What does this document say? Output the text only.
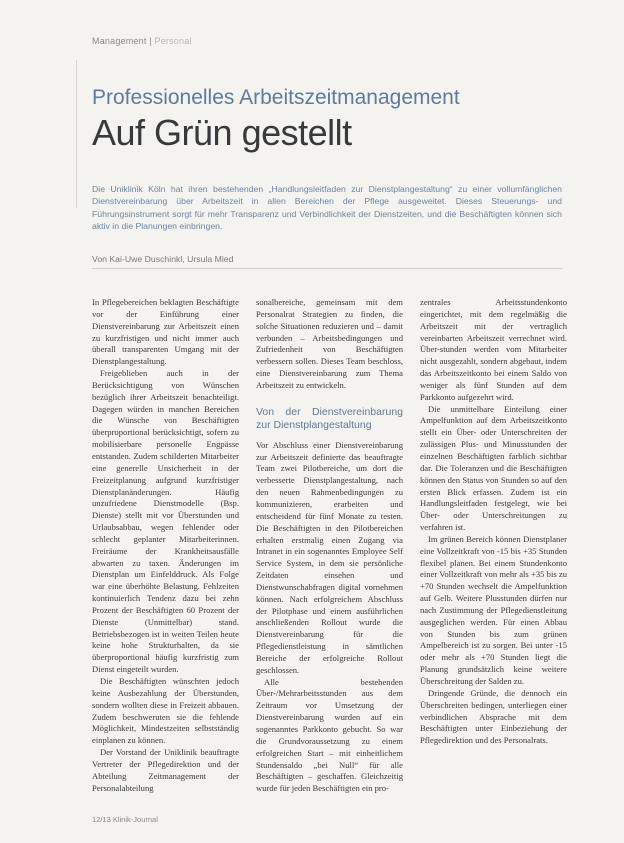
Management | Personal
Professionelles Arbeitszeitmanagement
Auf Grün gestellt

Die Uniklinik Köln hat ihren bestehenden „Handlungsleitfaden zur Dienstplangestaltung“ zu einer vollumfänglichen Dienstvereinbarung über Arbeitszeit in allen Bereichen der Pflege ausgeweitet. Dieses Steuerungs- und Führungsinstrument sorgt für mehr Transparenz und Verbindlichkeit der Dienstzeiten, und die Beschäftigten können sich aktiv in die Planungen einbringen.

Von Kai-Uwe Duschinkl, Ursula Mied

In Pflegebereichen beklagten Beschäftigte vor der Einführung einer Dienstvereinbarung zur Arbeitszeit einen zu kurzfristigen und nicht immer auch überall transparenten Umgang mit der Dienstplangestaltung.

Freigeblieben auch in der Berücksichtigung von Wünschen bezüglich ihrer Arbeitszeit benachteiligt. Dagegen würden in manchen Bereichen die Wünsche von Beschäftigten überproportional berücksichtigt, sofern zu mobilisierbare personelle Engpässe entstanden. Zudem schilderten Mitarbeiter eine generelle Unsicherheit in der Freizeitplanung aufgrund kurzfristiger Dienstplanänderungen. Häufig unzufriedene Dienstmodelle (Bsp. Dienste) stellt mit vor Überstunden und Urlaubsabbau, wegen fehlender oder schlecht geplanter Mitarbeiterinnen. Freiräume der Krankheitsausfälle abwarten zu taxen. Änderungen im Dienstplan um Einfelddruck. Als Folge war eine überhöhte Belastung. Fehlzeiten kontinuierlich Tendenz dazu bei zehn Prozent der Beschäftigten 60 Prozent der Dienste (Unmittelbar) stand. Betriebsbezogen ist in weiten Teilen heute keine hohe Strukturhalten, da sie überproportional häufig kurzfristig zum Dienst eingeteilt wurden.

Die Beschäftigten wünschten jedoch keine Ausbezahlung der Überstunden, sondern wollten diese in Freizeit abbauen. Zudem beschweruten sie die fehlende Möglichkeit, Mindestzeiten selbstständig einplanen zu können.

Der Vorstand der Uniklinik beauftragte Vertreter der Pflegedirektion und der Abteilung Zeitmanagement der Personalabteilung

sonalbereiche, gemeinsam mit dem Personalrat Strategien zu finden, die solche Situationen reduzieren und – damit verbunden – Arbeitsbedingungen und Zufriedenheit von Beschäftigten verbessern sollen. Dieses Team beschloss, eine Dienstvereinbarung zum Thema Arbeitszeit zu entwickeln.

Von der Dienstvereinbarung zur Dienstplangestaltung

Vor Abschluss einer Dienstvereinbarung zur Arbeitszeit definierte das beauftragte Team zwei Pilotbereiche, um dort die verbesserte Dienstplangestaltung, nach den neuen Rahmenbedingungen zu kommunizieren, erarbeiten und entscheidend für fünf Monate zu testen. Die Beschäftigten in den Pilotbereichen erhalten erstmalig einen Zugang via Intranet in ein sogenanntes Employee Self Service System, in dem sie persönliche Zeitdaten einsehen und Dienstwunschabfragen digital vornehmen können. Nach erfolgreichem Abschluss der Pilotphase und einem ausführlichen anschließenden Rollout wurde die Dienstvereinbarung für die Pflegedienstleistung in sämtlichen Bereiche der erfolgreiche Rollout geschlossen.

Alle bestehenden Über-/Mehrarbeitsstunden aus dem Zeitraum vor Umsetzung der Dienstvereinbarung wurden auf ein sogenanntes Parkkonto gebucht. So war die Grundvoraussetzung zu einem erfolgreichen Start – mit einheitlichem Stundensaldo „bei Null“ für alle Beschäftigten – geschaffen. Gleichzeitig wurde für jeden Beschäftigten ein pro-

zentrales Arbeitsstundenkonto eingerichtet, mit dem regelmäßig die Arbeitszeit mit der vertraglich vereinbarten Arbeitszeit verrechnet wird. Über-stunden werden vom Mitarbeiter nicht ausgezahlt, sondern abgebaut, indem das Arbeitszeitkonto bei einem Saldo von weniger als fünf Stunden auf dem Parkkonto aufgezehrt wird.

Die unmittelbare Einteilung einer Ampelfunktion auf dem Arbeitszeitkonto stellt ein Über- oder Unterschreiten der zulässigen Plus- und Minusstunden der einzelnen Beschäftigten farblich sichtbar dar. Die Toleranzen und die Beschäftigten können den Status von Stunden so auf den ersten Blick erfassen. Zudem ist ein Handlungsleitfaden festgelegt, wie bei Über- oder Unterschreitungen zu verfahren ist.

Im grünen Bereich können Dienstplaner eine Vollzeitkraft von -15 bis +35 Stunden flexibel planen. Bei einem Stundenkonto einer Vollzeitkraft von mehr als +35 bis zu +70 Stunden wechselt die Ampelfunktion auf Gelb. Weitere Plusstunden dürfen nur nach Zustimmung der Pflegedienstleitung ausgeglichen werden. Für einen Abbau von Stunden bis zum grünen Ampelbereich ist zu sorgen. Bei unter -15 oder mehr als +70 Stunden liegt die Planung grundsätzlich keine weitere Überschreitung der Salden zu.

Dringende Gründe, die dennoch ein Überschreiten bedingen, unterliegen einer verbindlichen Absprache mit dem Beschäftigten unter Einbeziehung der Pflegedirektion und des Personalrats.

12/13 Klinik-Journal
